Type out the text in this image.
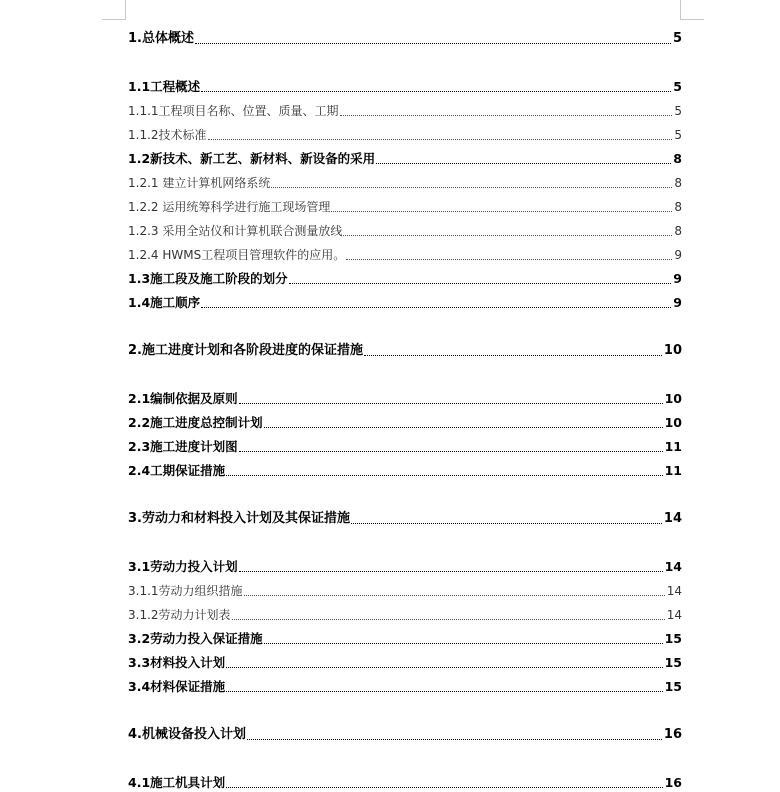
1.总体概述	5
1.1工程概述	5
1.1.1工程项目名称、位置、质量、工期	5
1.1.2技术标准	5
1.2新技术、新工艺、新材料、新设备的采用	8
1.2.1 建立计算机网络系统	8
1.2.2 运用统筹科学进行施工现场管理	8
1.2.3 采用全站仪和计算机联合测量放线	8
1.2.4 HWMS工程项目管理软件的应用。	9
1.3施工段及施工阶段的划分	9
1.4施工顺序	9
2.施工进度计划和各阶段进度的保证措施	10
2.1编制依据及原则	10
2.2施工进度总控制计划	10
2.3施工进度计划图	11
2.4工期保证措施	11
3.劳动力和材料投入计划及其保证措施	14
3.1劳动力投入计划	14
3.1.1劳动力组织措施	14
3.1.2劳动力计划表	14
3.2劳动力投入保证措施	15
3.3材料投入计划	15
3.4材料保证措施	15
4.机械设备投入计划	16
4.1施工机具计划	16
